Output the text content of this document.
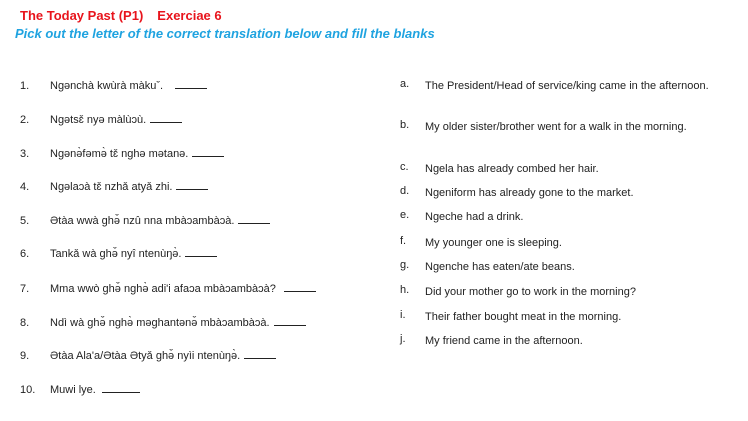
The Today Past (P1) Exerciae 6
Pick out the letter of the correct translation below and fill the blanks
1.	Ngənchà kwùrà màkuˇ.
2.	Ngətsɛ̌ nyə màlùɔù.
3.	Ngənə̀fəmə̀ tɛ̌ nghə mətanə.
4.	Ngəlaɔà tɛ̌ nzhǎ atyǎ zhi.
5.	Ətàa wwà ghə̌ nzû nna mbàɔambàɔà.
6.	Tankǎ wà ghə̌ nyî ntenùŋə̀.
7.	Mma wwò ghə̌ nghə̀ adi'i afaɔa mbàɔambàɔà?
8.	Ndì wà ghə̌ nghə̀ məghantənə̌ mbàɔambàɔà.
9.	Ətàa Ala'a/Ətàa Ətyǎ ghə̌ nyìi ntenùŋə̀.
10.	Muwi lye.
a.	The President/Head of service/king came in the afternoon.
b.	My older sister/brother went for a walk in the morning.
c.	Ngela has already combed her hair.
d.	Ngeniform has already gone to the market.
e.	Ngeche had a drink.
f.	My younger one is sleeping.
g.	Ngenche has eaten/ate beans.
h.	Did your mother go to work in the morning?
i.	Their father bought meat in the morning.
j.	My friend came in the afternoon.
